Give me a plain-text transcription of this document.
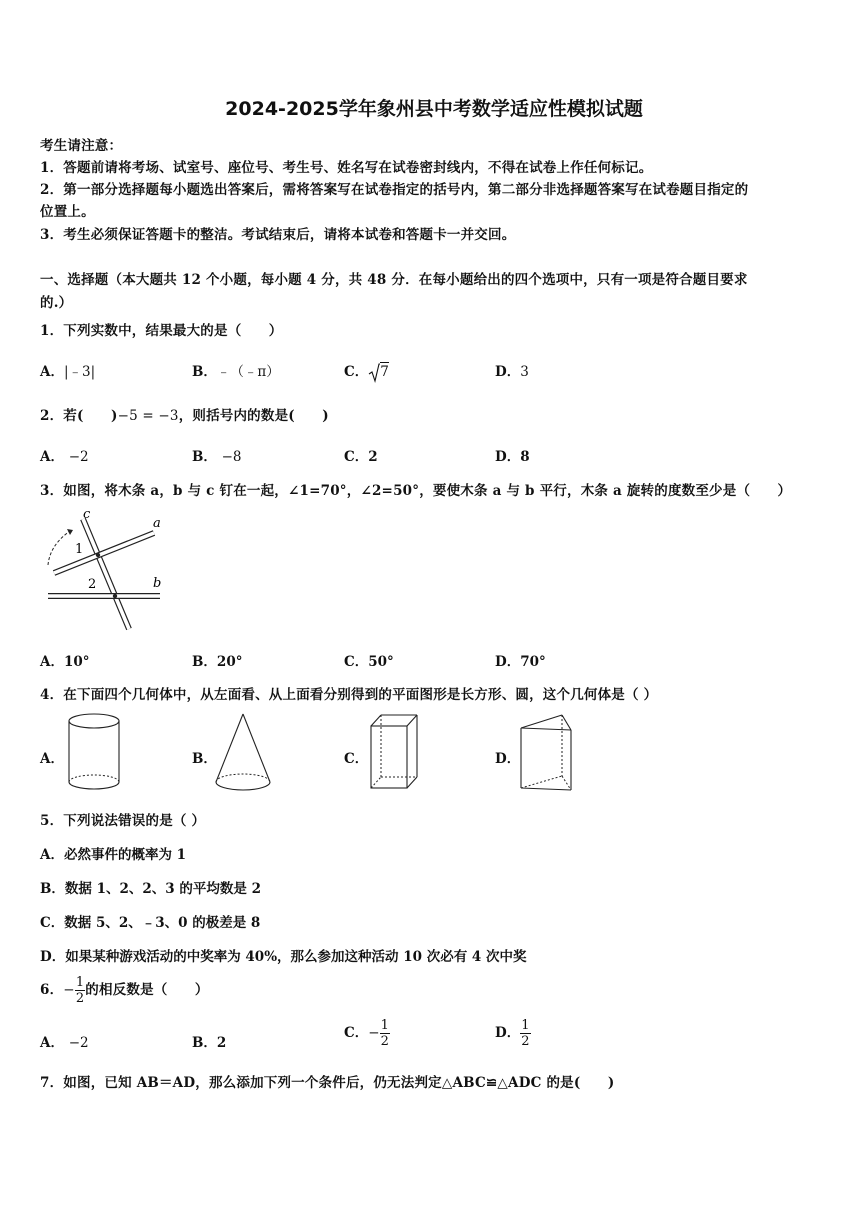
2024-2025学年象州县中考数学适应性模拟试题
考生请注意：
1．答题前请将考场、试室号、座位号、考生号、姓名写在试卷密封线内，不得在试卷上作任何标记。
2．第一部分选择题每小题选出答案后，需将答案写在试卷指定的括号内，第二部分非选择题答案写在试卷题目指定的
位置上。
3．考生必须保证答题卡的整洁。考试结束后，请将本试卷和答题卡一并交回。
一、选择题（本大题共 12 个小题，每小题 4 分，共 48 分．在每小题给出的四个选项中，只有一项是符合题目要求
的.）
1．下列实数中，结果最大的是（　　）
A．|﹣3|	B．﹣（﹣π）	C． 7	D．3
2．若(　　)−5 = −3，则括号内的数是(　　)
A． −2	B． −8	C．2	D．8
3．如图，将木条 a，b 与 c 钉在一起，∠1=70°，∠2=50°，要使木条 a 与 b 平行，木条 a 旋转的度数至少是（　　）
c
a
b
1
2
A．10°	B．20°	C．50°	D．70°
4．在下面四个几何体中，从左面看、从上面看分别得到的平面图形是长方形、圆，这个几何体是（ ）
A．	B．	C．	D．
5．下列说法错误的是（ ）
A．必然事件的概率为 1
B．数据 1、2、2、3 的平均数是 2
C．数据 5、2、﹣3、0 的极差是 8
D．如果某种游戏活动的中奖率为 40%，那么参加这种活动 10 次必有 4 次中奖
6．− $\frac{1}{2}$ 的相反数是（　　）
A． −2	B．2
C．− $\frac{1}{2}$	D． $\frac{1}{2}$
7．如图，已知 AB＝AD，那么添加下列一个条件后，仍无法判定△ABC≌△ADC 的是(　　)
